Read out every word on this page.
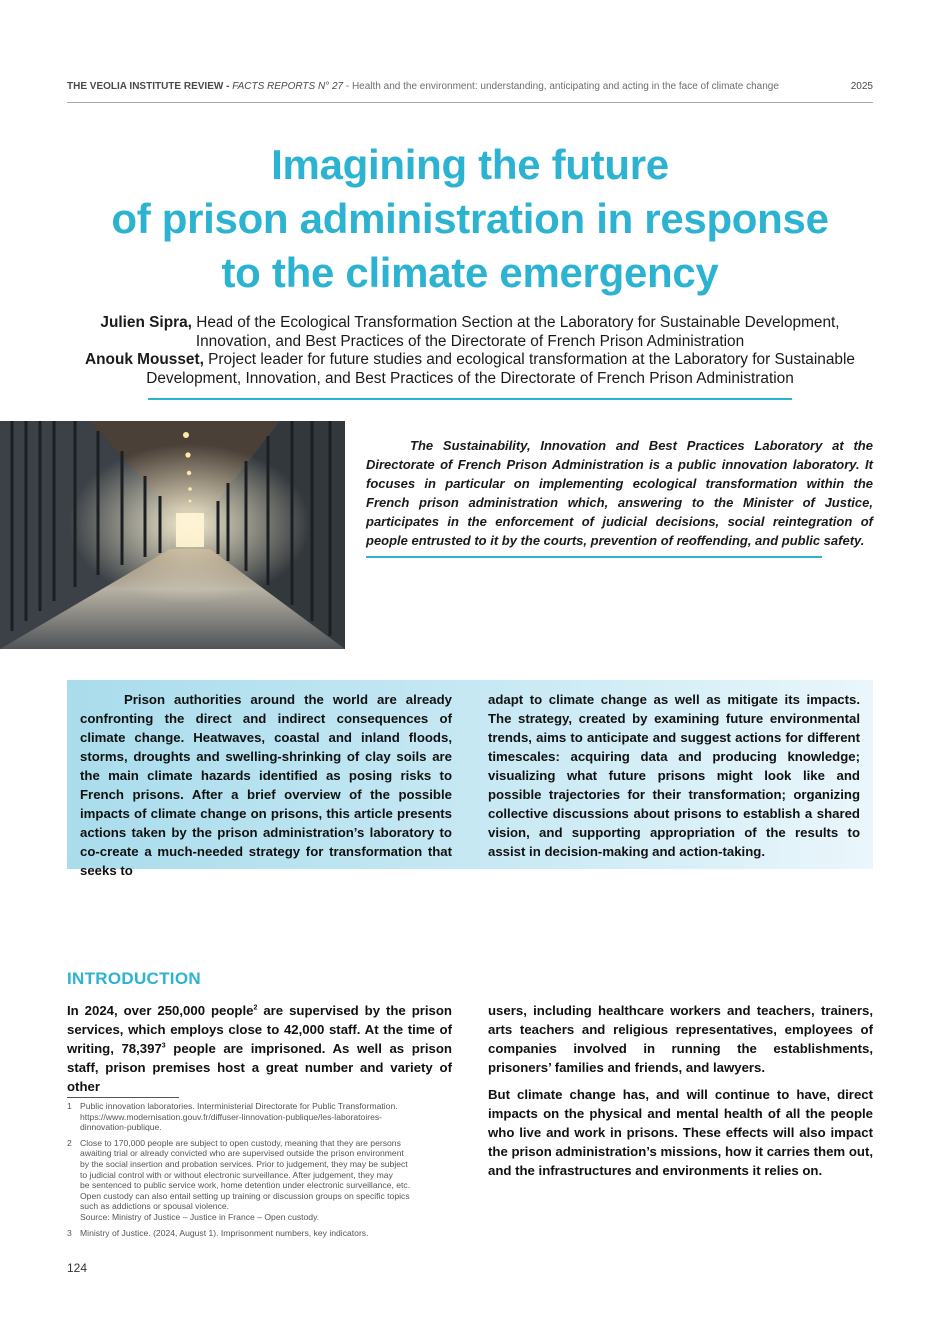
THE VEOLIA INSTITUTE REVIEW - FACTS REPORTS N° 27 - Health and the environment: understanding, anticipating and acting in the face of climate change	2025
Imagining the future
of prison administration in response
to the climate emergency
Julien Sipra, Head of the Ecological Transformation Section at the Laboratory for Sustainable Development, Innovation, and Best Practices of the Directorate of French Prison Administration
Anouk Mousset, Project leader for future studies and ecological transformation at the Laboratory for Sustainable Development, Innovation, and Best Practices of the Directorate of French Prison Administration

The Sustainability, Innovation and Best Practices Laboratory at the Directorate of French Prison Administration is a public innovation laboratory. It focuses in particular on implementing ecological transformation within the French prison administration which, answering to the Minister of Justice, participates in the enforcement of judicial decisions, social reintegration of people entrusted to it by the courts, prevention of reoffending, and public safety.

Prison authorities around the world are already confronting the direct and indirect consequences of climate change. Heatwaves, coastal and inland floods, storms, droughts and swelling-shrinking of clay soils are the main climate hazards identified as posing risks to French prisons. After a brief overview of the possible impacts of climate change on prisons, this article presents actions taken by the prison administration’s laboratory to co-create a much-needed strategy for transformation that seeks to

adapt to climate change as well as mitigate its impacts. The strategy, created by examining future environmental trends, aims to anticipate and suggest actions for different timescales: acquiring data and producing knowledge; visualizing what future prisons might look like and possible trajectories for their transformation; organizing collective discussions about prisons to establish a shared vision, and supporting appropriation of the results to assist in decision-making and action-taking.

INTRODUCTION

In 2024, over 250,000 people$^2$ are supervised by the prison services, which employs close to 42,000 staff. At the time of writing, 78,397$^3$ people are imprisoned. As well as prison staff, prison premises host a great number and variety of other

users, including healthcare workers and teachers, trainers, arts teachers and religious representatives, employees of companies involved in running the establishments, prisoners’ families and friends, and lawyers.

But climate change has, and will continue to have, direct impacts on the physical and mental health of all the people who live and work in prisons. These effects will also impact the prison administration’s missions, how it carries them out, and the infrastructures and environments it relies on.

1 Public innovation laboratories. Interministerial Directorate for Public Transformation.
https://www.modernisation.gouv.fr/diffuser-linnovation-publique/les-laboratoires-
dinnovation-publique.
2 Close to 170,000 people are subject to open custody, meaning that they are persons
awaiting trial or already convicted who are supervised outside the prison environment
by the social insertion and probation services. Prior to judgement, they may be subject
to judicial control with or without electronic surveillance. After judgement, they may
be sentenced to public service work, home detention under electronic surveillance, etc.
Open custody can also entail setting up training or discussion groups on specific topics
such as addictions or spousal violence.
Source: Ministry of Justice – Justice in France – Open custody.
3 Ministry of Justice. (2024, August 1). Imprisonment numbers, key indicators.
124
